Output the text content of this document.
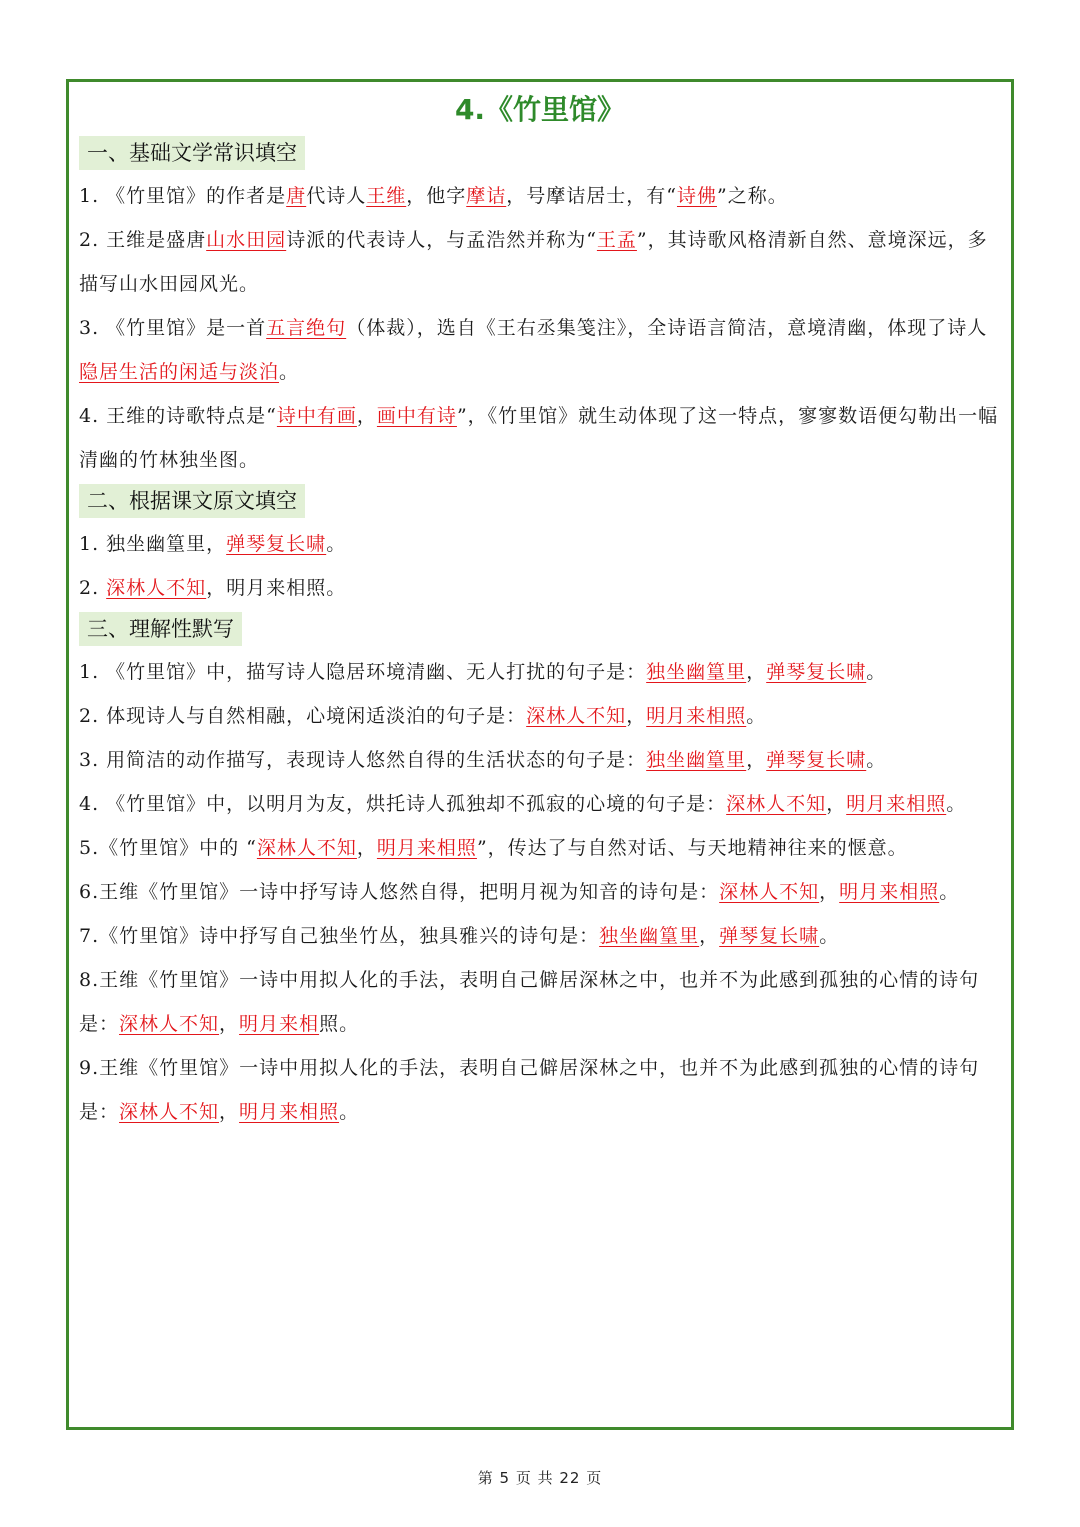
4.《竹里馆》
一、基础文学常识填空

1. 《竹里馆》的作者是唐代诗人王维，他字摩诘，号摩诘居士，有“诗佛”之称。

2. 王维是盛唐山水田园诗派的代表诗人，与孟浩然并称为“王孟”，其诗歌风格清新自然、意境深远，多描写山水田园风光。

3. 《竹里馆》是一首五言绝句（体裁），选自《王右丞集笺注》，全诗语言简洁，意境清幽，体现了诗人隐居生活的闲适与淡泊。

4. 王维的诗歌特点是“诗中有画，画中有诗”，《竹里馆》就生动体现了这一特点，寥寥数语便勾勒出一幅清幽的竹林独坐图。

二、根据课文原文填空

1. 独坐幽篁里，弹琴复长啸。

2. 深林人不知，明月来相照。

三、理解性默写

1. 《竹里馆》中，描写诗人隐居环境清幽、无人打扰的句子是：独坐幽篁里，弹琴复长啸。

2. 体现诗人与自然相融，心境闲适淡泊的句子是：深林人不知，明月来相照。

3. 用简洁的动作描写，表现诗人悠然自得的生活状态的句子是：独坐幽篁里，弹琴复长啸。

4. 《竹里馆》中，以明月为友，烘托诗人孤独却不孤寂的心境的句子是：深林人不知，明月来相照。

5.《竹里馆》中的 “深林人不知，明月来相照”，传达了与自然对话、与天地精神往来的惬意。

6.王维《竹里馆》一诗中抒写诗人悠然自得，把明月视为知音的诗句是：深林人不知，明月来相照。

7.《竹里馆》诗中抒写自己独坐竹丛，独具雅兴的诗句是：独坐幽篁里，弹琴复长啸。

8.王维《竹里馆》一诗中用拟人化的手法，表明自己僻居深林之中，也并不为此感到孤独的心情的诗句是：深林人不知，明月来相照。

9.王维《竹里馆》一诗中用拟人化的手法，表明自己僻居深林之中，也并不为此感到孤独的心情的诗句是：深林人不知，明月来相照。

第 5 页 共 22 页
